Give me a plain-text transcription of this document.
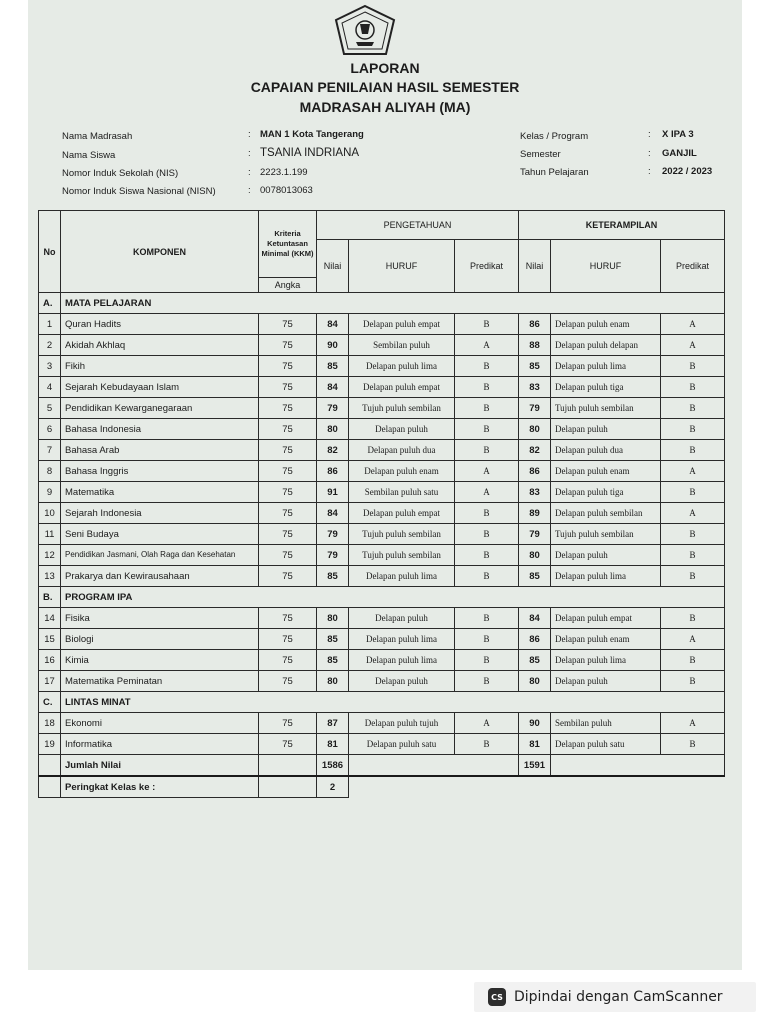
LAPORAN
CAPAIAN PENILAIAN HASIL SEMESTER
MADRASAH ALIYAH (MA)
Nama Madrasah	: MAN 1 Kota Tangerang
Nama Siswa	: TSANIA INDRIANA
Nomor Induk Sekolah (NIS)	: 2223.1.199
Nomor Induk Siswa Nasional (NISN)	: 0078013063
Kelas / Program	: X IPA 3
Semester	: GANJIL
Tahun Pelajaran	: 2022 / 2023
No	KOMPONEN	Kriteria Ketuntasan Minimal (KKM)	PENGETAHUAN			KETERAMPILAN		
			Nilai	HURUF	Predikat	Nilai	HURUF	Predikat
		Angka						
A.	MATA PELAJARAN							
1	Quran Hadits	75	84	Delapan puluh empat	B	86	Delapan puluh enam	A
2	Akidah Akhlaq	75	90	Sembilan puluh	A	88	Delapan puluh delapan	A
3	Fikih	75	85	Delapan puluh lima	B	85	Delapan puluh lima	B
4	Sejarah Kebudayaan Islam	75	84	Delapan puluh empat	B	83	Delapan puluh tiga	B
5	Pendidikan Kewarganegaraan	75	79	Tujuh puluh sembilan	B	79	Tujuh puluh sembilan	B
6	Bahasa Indonesia	75	80	Delapan puluh	B	80	Delapan puluh	B
7	Bahasa Arab	75	82	Delapan puluh dua	B	82	Delapan puluh dua	B
8	Bahasa Inggris	75	86	Delapan puluh enam	A	86	Delapan puluh enam	A
9	Matematika	75	91	Sembilan puluh satu	A	83	Delapan puluh tiga	B
10	Sejarah Indonesia	75	84	Delapan puluh empat	B	89	Delapan puluh sembilan	A
11	Seni Budaya	75	79	Tujuh puluh sembilan	B	79	Tujuh puluh sembilan	B
12	Pendidikan Jasmani, Olah Raga dan Kesehatan	75	79	Tujuh puluh sembilan	B	80	Delapan puluh	B
13	Prakarya dan Kewirausahaan	75	85	Delapan puluh lima	B	85	Delapan puluh lima	B
B.	PROGRAM IPA							
14	Fisika	75	80	Delapan puluh	B	84	Delapan puluh empat	B
15	Biologi	75	85	Delapan puluh lima	B	86	Delapan puluh enam	A
16	Kimia	75	85	Delapan puluh lima	B	85	Delapan puluh lima	B
17	Matematika Peminatan	75	80	Delapan puluh	B	80	Delapan puluh	B
C.	LINTAS MINAT							
18	Ekonomi	75	87	Delapan puluh tujuh	A	90	Sembilan puluh	A
19	Informatika	75	81	Delapan puluh satu	B	81	Delapan puluh satu	B
	Jumlah Nilai		1586			1591		
	Peringkat Kelas ke :		2					
CS Dipindai dengan CamScanner
